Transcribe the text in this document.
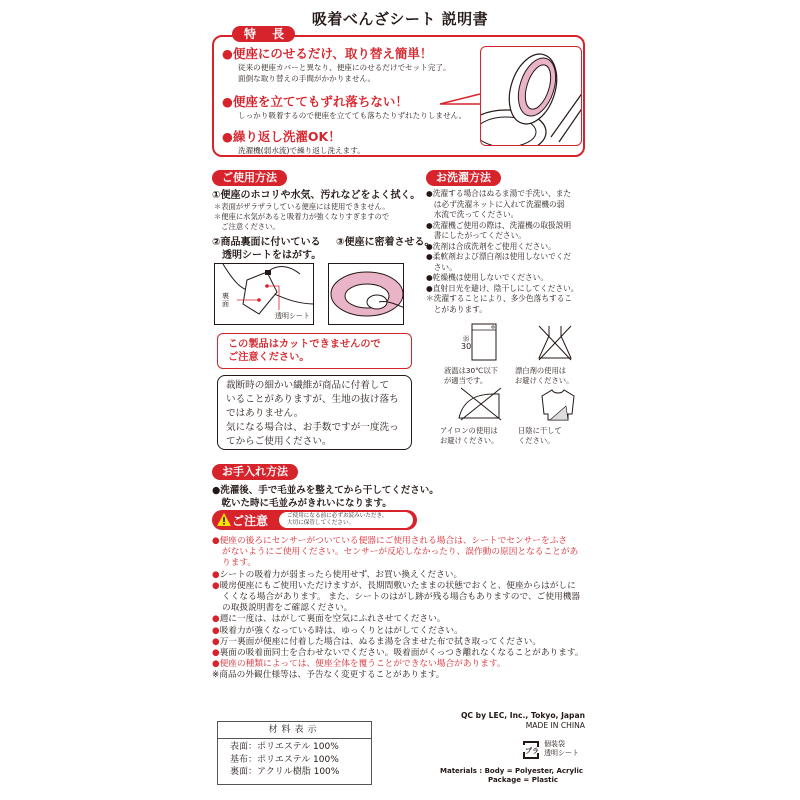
吸着べんざシート 説明書
特 長
●便座にのせるだけ、取り替え簡単！
従来の便座カバーと異なり、便座にのせるだけでセット完了。
面倒な取り替えの手間がかかりません。
●便座を立ててもずれ落ちない！
しっかり吸着するので便座を立てても落ちたりずれたりしません。
●繰り返し洗濯OK！
洗濯機(弱水流)で繰り返し洗えます。
ご使用方法
①便座のホコリや水気、汚れなどをよく拭く。
＊表面がザラザラしている便座には使用できません。
＊便座に水気があると吸着力が強くなりすぎますので
　ご注意ください。
②商品裏面に付いている
　透明シートをはがす。
③便座に密着させる。
裏
面
透明シート
この製品はカットできませんので
ご注意ください。
裁断時の細かい繊維が商品に付着して
いることがありますが、生地の抜け落ち
ではありません。
気になる場合は、お手数ですが一度洗っ
てからご使用ください。
お手入れ方法
●洗濯後、手で毛並みを整えてから干してください。
　乾いた時に毛並みがきれいになります。
お洗濯方法
●洗濯する場合はぬるま湯で手洗い、また
　は必ず洗濯ネットに入れて洗濯機の弱
　水流で洗ってください。
●洗濯機ご使用の際は、洗濯機の取扱説明
　書にしたがってください。
●洗剤は合成洗剤をご使用ください。
●柔軟剤および漂白剤は使用しないでくだ
　さい。
●乾燥機は使用しないでください。
●直射日光を避け、陰干しにしてください。
＊洗濯することにより、多少色落ちするこ
　とがあります。
弱
30
液温は30℃以下
が適当です。
漂白剤の使用は
お避けください。
アイロンの使用は
お避けください。
日陰に干して
ください。
ご注意	ご使用になる前に必ずお読みいただき、
大切に保管してください。
●便座の後ろにセンサーがついている便器にご使用される場合は、シートでセンサーをふさ
がないようにご使用ください。センサーが反応しなかったり、誤作動の原因となることがあ
ります。
●シートの吸着力が弱まったら使用せず、お買い換えください。
●暖房便座にもご使用いただけますが、長期間敷いたままの状態でおくと、便座からはがしに
くくなる場合があります。 また、シートのはがし跡が残る場合もありますので、ご使用機器
の取扱説明書をご確認ください。
●週に一度は、はがして裏面を空気にふれさせてください。
●吸着力が強くなっている時は、ゆっくりとはがしてください。
●万一裏面が便座に付着した場合は、ぬるま湯を含ませた布で拭き取ってください。
●裏面の吸着面同士を合わせないでください。吸着面がくっつき離れなくなることがあります。
●便座の種類によっては、便座全体を覆うことができない場合があります。
※商品の外観仕様等は、予告なく変更することがあります。
材料表示
表面：ポリエステル 100%
基布：ポリエステル 100%
裏面：アクリル樹脂 100%
QC by LEC, Inc., Tokyo, Japan
MADE IN CHINA
プラ
個装袋
透明シート
Materials : Body = Polyester, Acrylic
Package = Plastic
